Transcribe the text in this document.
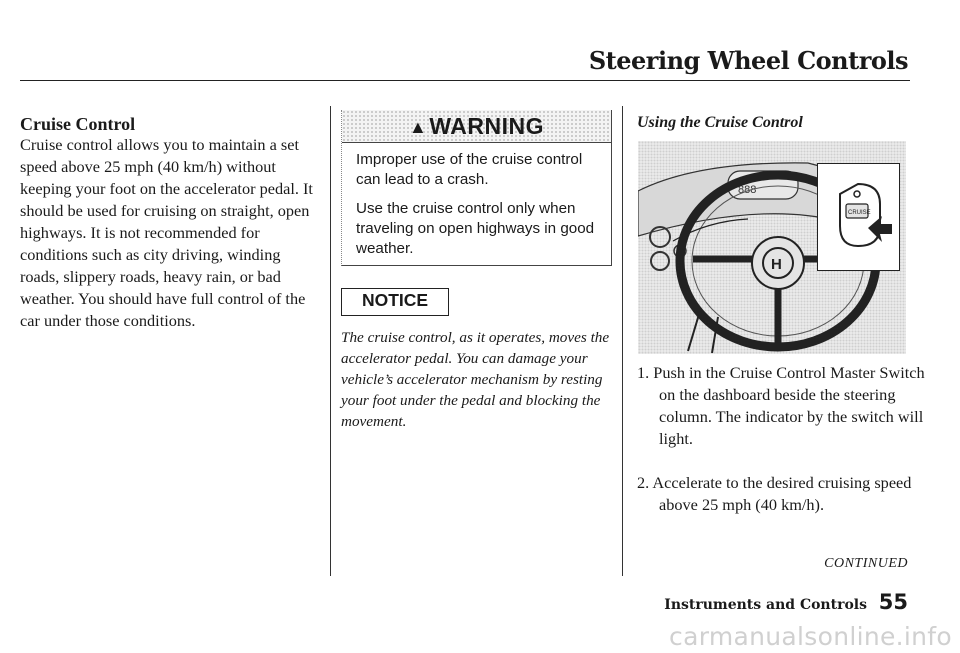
Steering Wheel Controls
Cruise Control

Cruise control allows you to maintain a set speed above 25 mph (40 km/h) without keeping your foot on the accelerator pedal. It should be used for cruising on straight, open highways. It is not recommended for conditions such as city driving, winding roads, slippery roads, heavy rain, or bad weather. You should have full control of the car under those conditions.

▲WARNING

Improper use of the cruise control can lead to a crash.

Use the cruise control only when traveling on open highways in good weather.

NOTICE

The cruise control, as it operates, moves the accelerator pedal. You can damage your vehicle’s accelerator mechanism by resting your foot under the pedal and blocking the movement.

Using the Cruise Control
888
H
CRUISE

1. Push in the Cruise Control Master Switch on the dashboard beside the steering column. The indicator by the switch will light.

2. Accelerate to the desired cruising speed above 25 mph (40 km/h).

CONTINUED
Instruments and Controls 55
carmanualsonline.info
